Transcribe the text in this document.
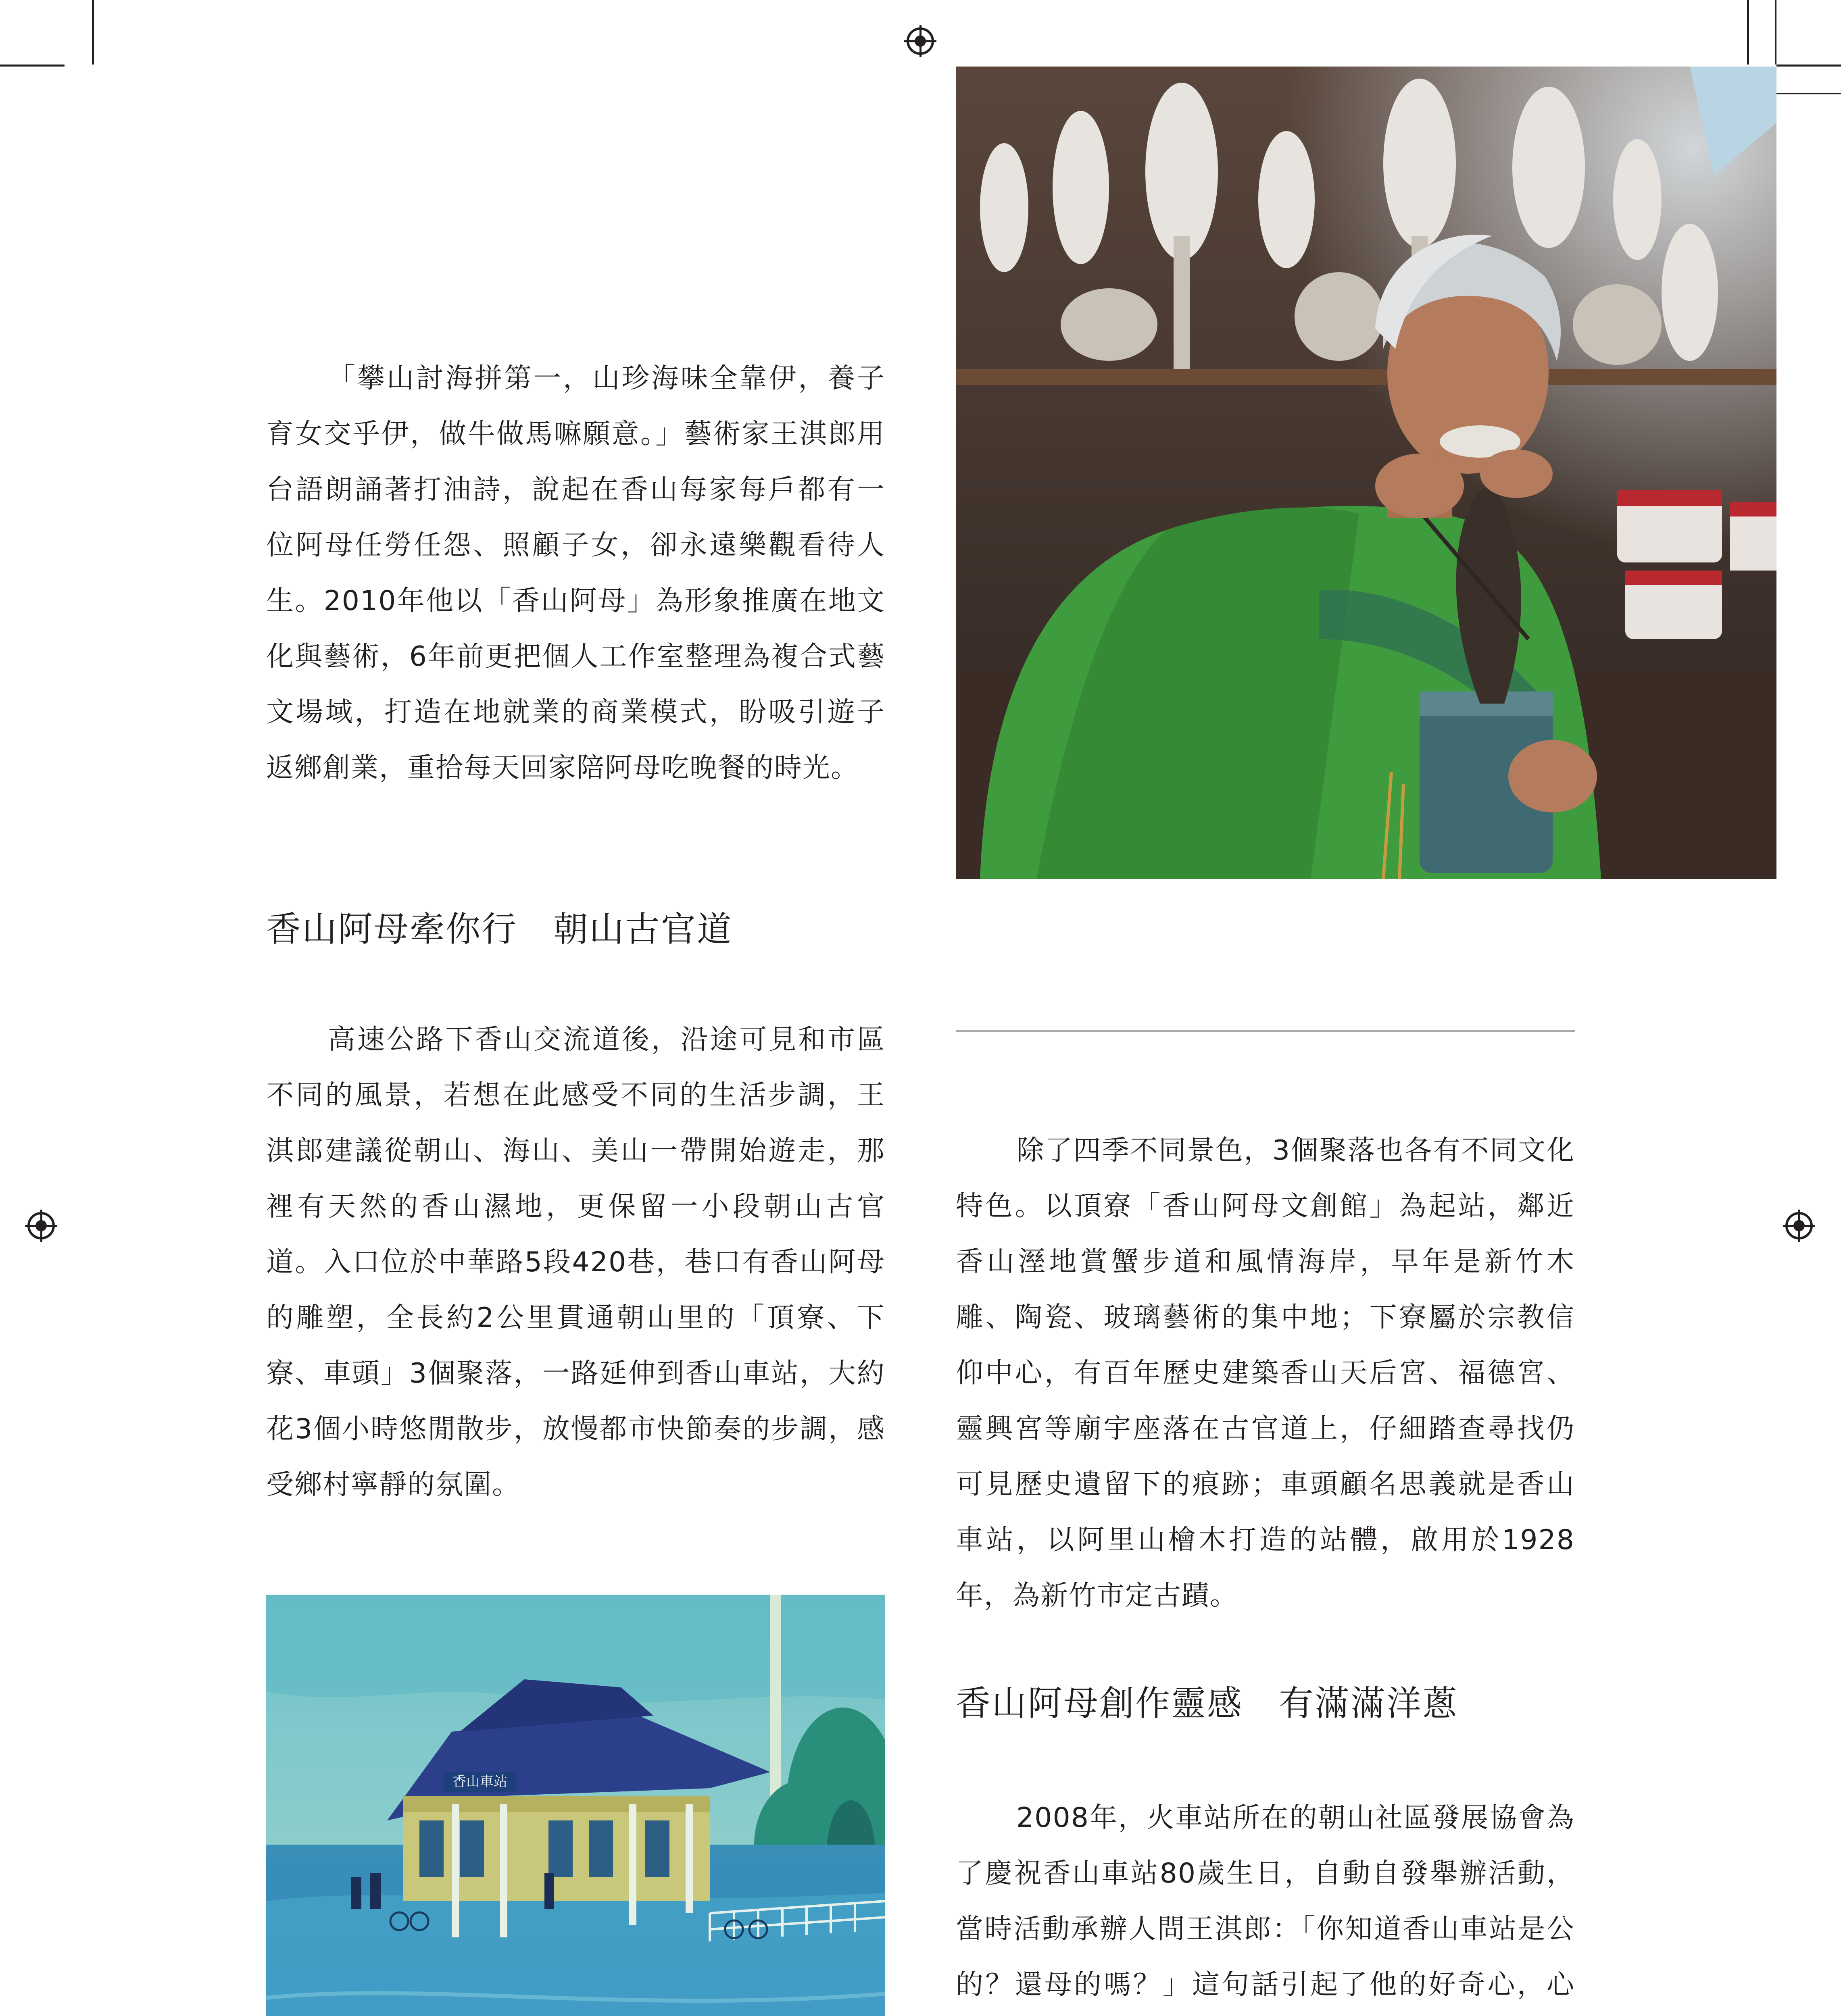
「攀山討海拼第一，山珍海味全靠伊，養子育女交乎伊，做牛做馬嘛願意。」藝術家王淇郎用台語朗誦著打油詩，說起在香山每家每戶都有一位阿母任勞任怨、照顧子女，卻永遠樂觀看待人生。2010年他以「香山阿母」為形象推廣在地文化與藝術，6年前更把個人工作室整理為複合式藝文場域，打造在地就業的商業模式，盼吸引遊子返鄉創業，重拾每天回家陪阿母吃晚餐的時光。

香山阿母牽你行　朝山古官道

高速公路下香山交流道後，沿途可見和市區不同的風景，若想在此感受不同的生活步調，王淇郎建議從朝山、海山、美山一帶開始遊走，那裡有天然的香山濕地，更保留一小段朝山古官道。入口位於中華路5段420巷，巷口有香山阿母的雕塑，全長約2公里貫通朝山里的「頂寮、下寮、車頭」3個聚落，一路延伸到香山車站，大約花3個小時悠閒散步，放慢都市快節奏的步調，感受鄉村寧靜的氛圍。

香山車站

除了四季不同景色，3個聚落也各有不同文化特色。以頂寮「香山阿母文創館」為起站，鄰近香山溼地賞蟹步道和風情海岸，早年是新竹木雕、陶瓷、玻璃藝術的集中地；下寮屬於宗教信仰中心，有百年歷史建築香山天后宮、福德宮、靈興宮等廟宇座落在古官道上，仔細踏查尋找仍可見歷史遺留下的痕跡；車頭顧名思義就是香山車站，以阿里山檜木打造的站體，啟用於1928年，為新竹市定古蹟。

香山阿母創作靈感　有滿滿洋蔥

2008年，火車站所在的朝山社區發展協會為了慶祝香山車站80歲生日，自動自發舉辦活動，當時活動承辦人問王淇郎：「你知道香山車站是公的？還母的嗎？」這句話引起了他的好奇心，心
